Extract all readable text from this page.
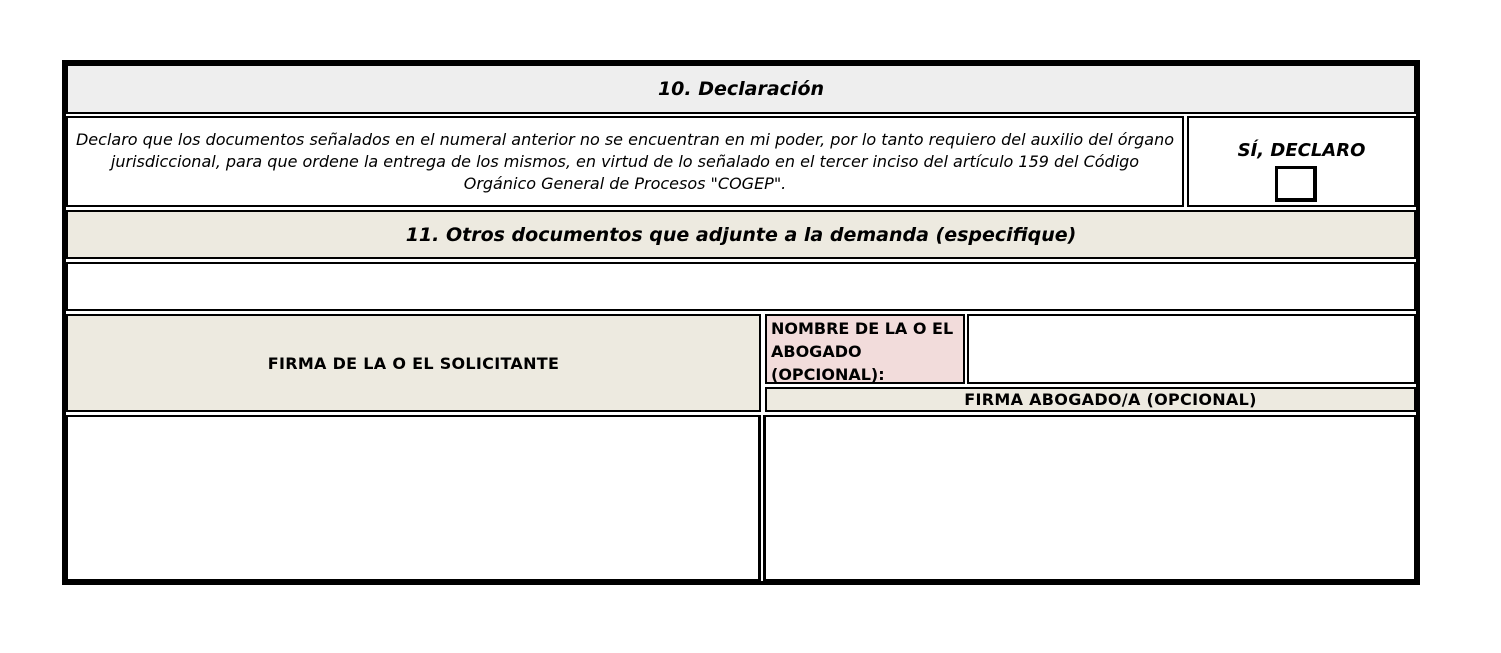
10. Declaración
Declaro que los documentos señalados en el numeral anterior no se encuentran en mi poder, por lo tanto requiero del auxilio del órgano jurisdiccional, para que ordene la entrega de los mismos, en virtud de lo señalado en el tercer inciso del artículo 159 del Código Orgánico General de Procesos "COGEP".
SÍ, DECLARO
11. Otros documentos que adjunte a la demanda (especifique)
FIRMA DE LA O EL SOLICITANTE
NOMBRE DE LA O EL ABOGADO (OPCIONAL):
FIRMA ABOGADO/A (OPCIONAL)
